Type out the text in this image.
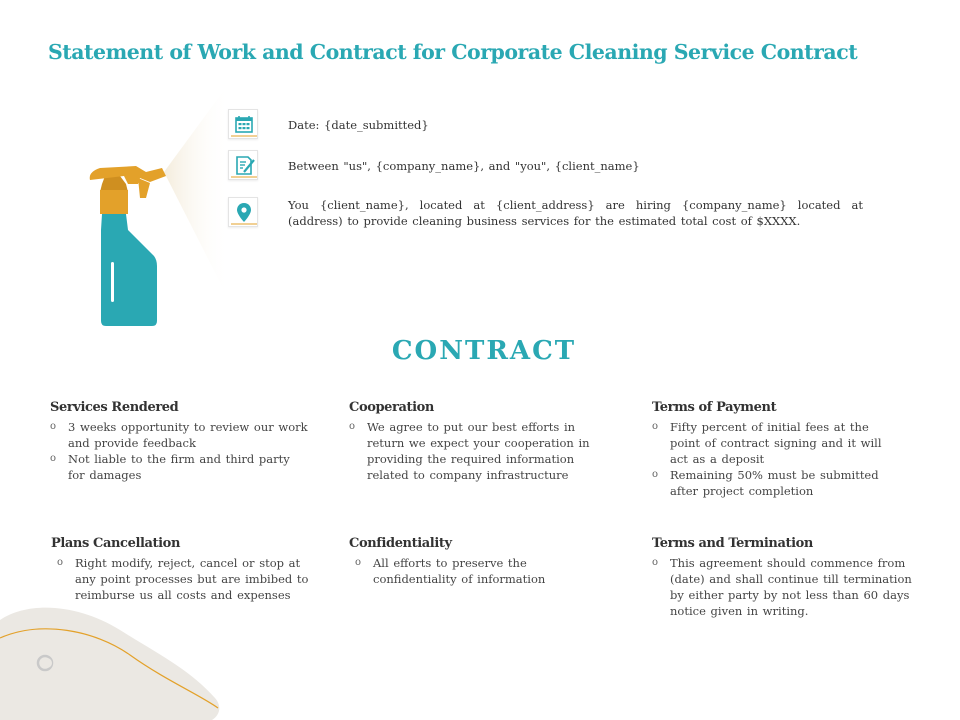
Statement of Work and Contract for Corporate Cleaning Service Contract
Date: {date_submitted}
Between "us", {company_name}, and "you", {client_name}
You {client_name}, located at {client_address} are hiring {company_name} located at (address) to provide cleaning business services for the estimated total cost of $XXXX.
CONTRACT
Services Rendered
o 3 weeks opportunity to review our work and provide feedback
o Not liable to the firm and third party for damages
Cooperation
o We agree to put our best efforts in return we expect your cooperation in providing the required information related to company infrastructure
Terms of Payment
o Fifty percent of initial fees at the point of contract signing and it will act as a deposit
o Remaining 50% must be submitted after project completion
Plans Cancellation
o Right modify, reject, cancel or stop at any point processes but are imbibed to reimburse us all costs and expenses
Confidentiality
o All efforts to preserve the confidentiality of information
Terms and Termination
o This agreement should commence from (date) and shall continue till termination by either party by not less than 60 days notice given in writing.
